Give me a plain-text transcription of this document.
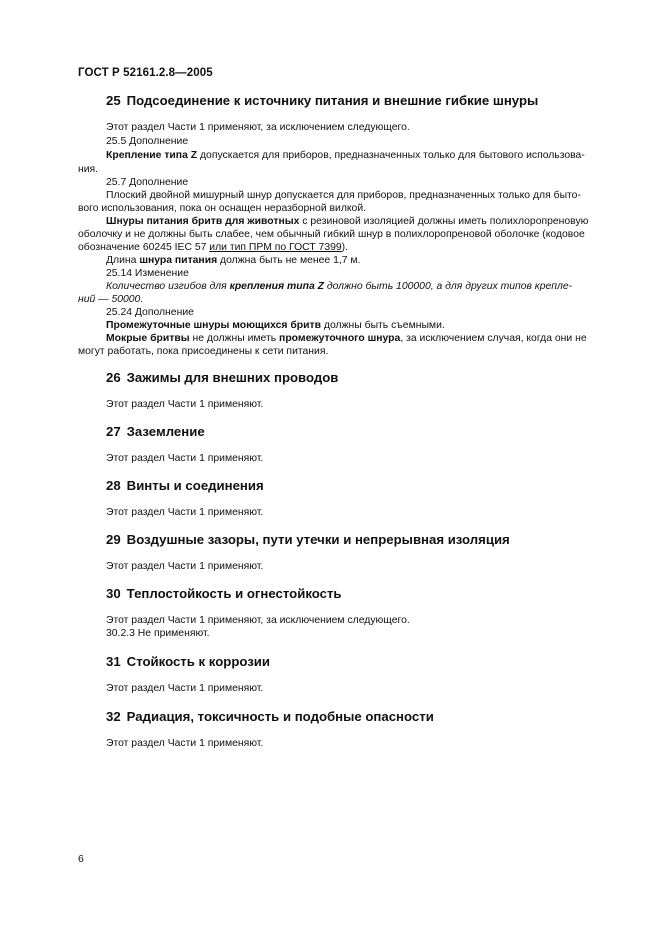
ГОСТ Р 52161.2.8—2005
25 Подсоединение к источнику питания и внешние гибкие шнуры
Этот раздел Части 1 применяют, за исключением следующего.
25.5 Дополнение
Крепление типа Z допускается для приборов, предназначенных только для бытового использова-
ния.
25.7 Дополнение
Плоский двойной мишурный шнур допускается для приборов, предназначенных только для быто-
вого использования, пока он оснащен неразборной вилкой.
Шнуры питания бритв для животных с резиновой изоляцией должны иметь полихлоропреновую
оболочку и не должны быть слабее, чем обычный гибкий шнур в полихлоропреновой оболочке (кодовое
обозначение 60245 IEC 57 или тип ПРМ по ГОСТ 7399).
Длина шнура питания должна быть не менее 1,7 м.
25.14 Изменение
Количество изгибов для крепления типа Z должно быть 100000, а для других типов крепле-
ний — 50000.
25.24 Дополнение
Промежуточные шнуры моющихся бритв должны быть съемными.
Мокрые бритвы не должны иметь промежуточного шнура, за исключением случая, когда они не
могут работать, пока присоединены к сети питания.
26 Зажимы для внешних проводов
Этот раздел Части 1 применяют.
27 Заземление
Этот раздел Части 1 применяют.
28 Винты и соединения
Этот раздел Части 1 применяют.
29 Воздушные зазоры, пути утечки и непрерывная изоляция
Этот раздел Части 1 применяют.
30 Теплостойкость и огнестойкость
Этот раздел Части 1 применяют, за исключением следующего.
30.2.3 Не применяют.
31 Стойкость к коррозии
Этот раздел Части 1 применяют.
32 Радиация, токсичность и подобные опасности
Этот раздел Части 1 применяют.
6
